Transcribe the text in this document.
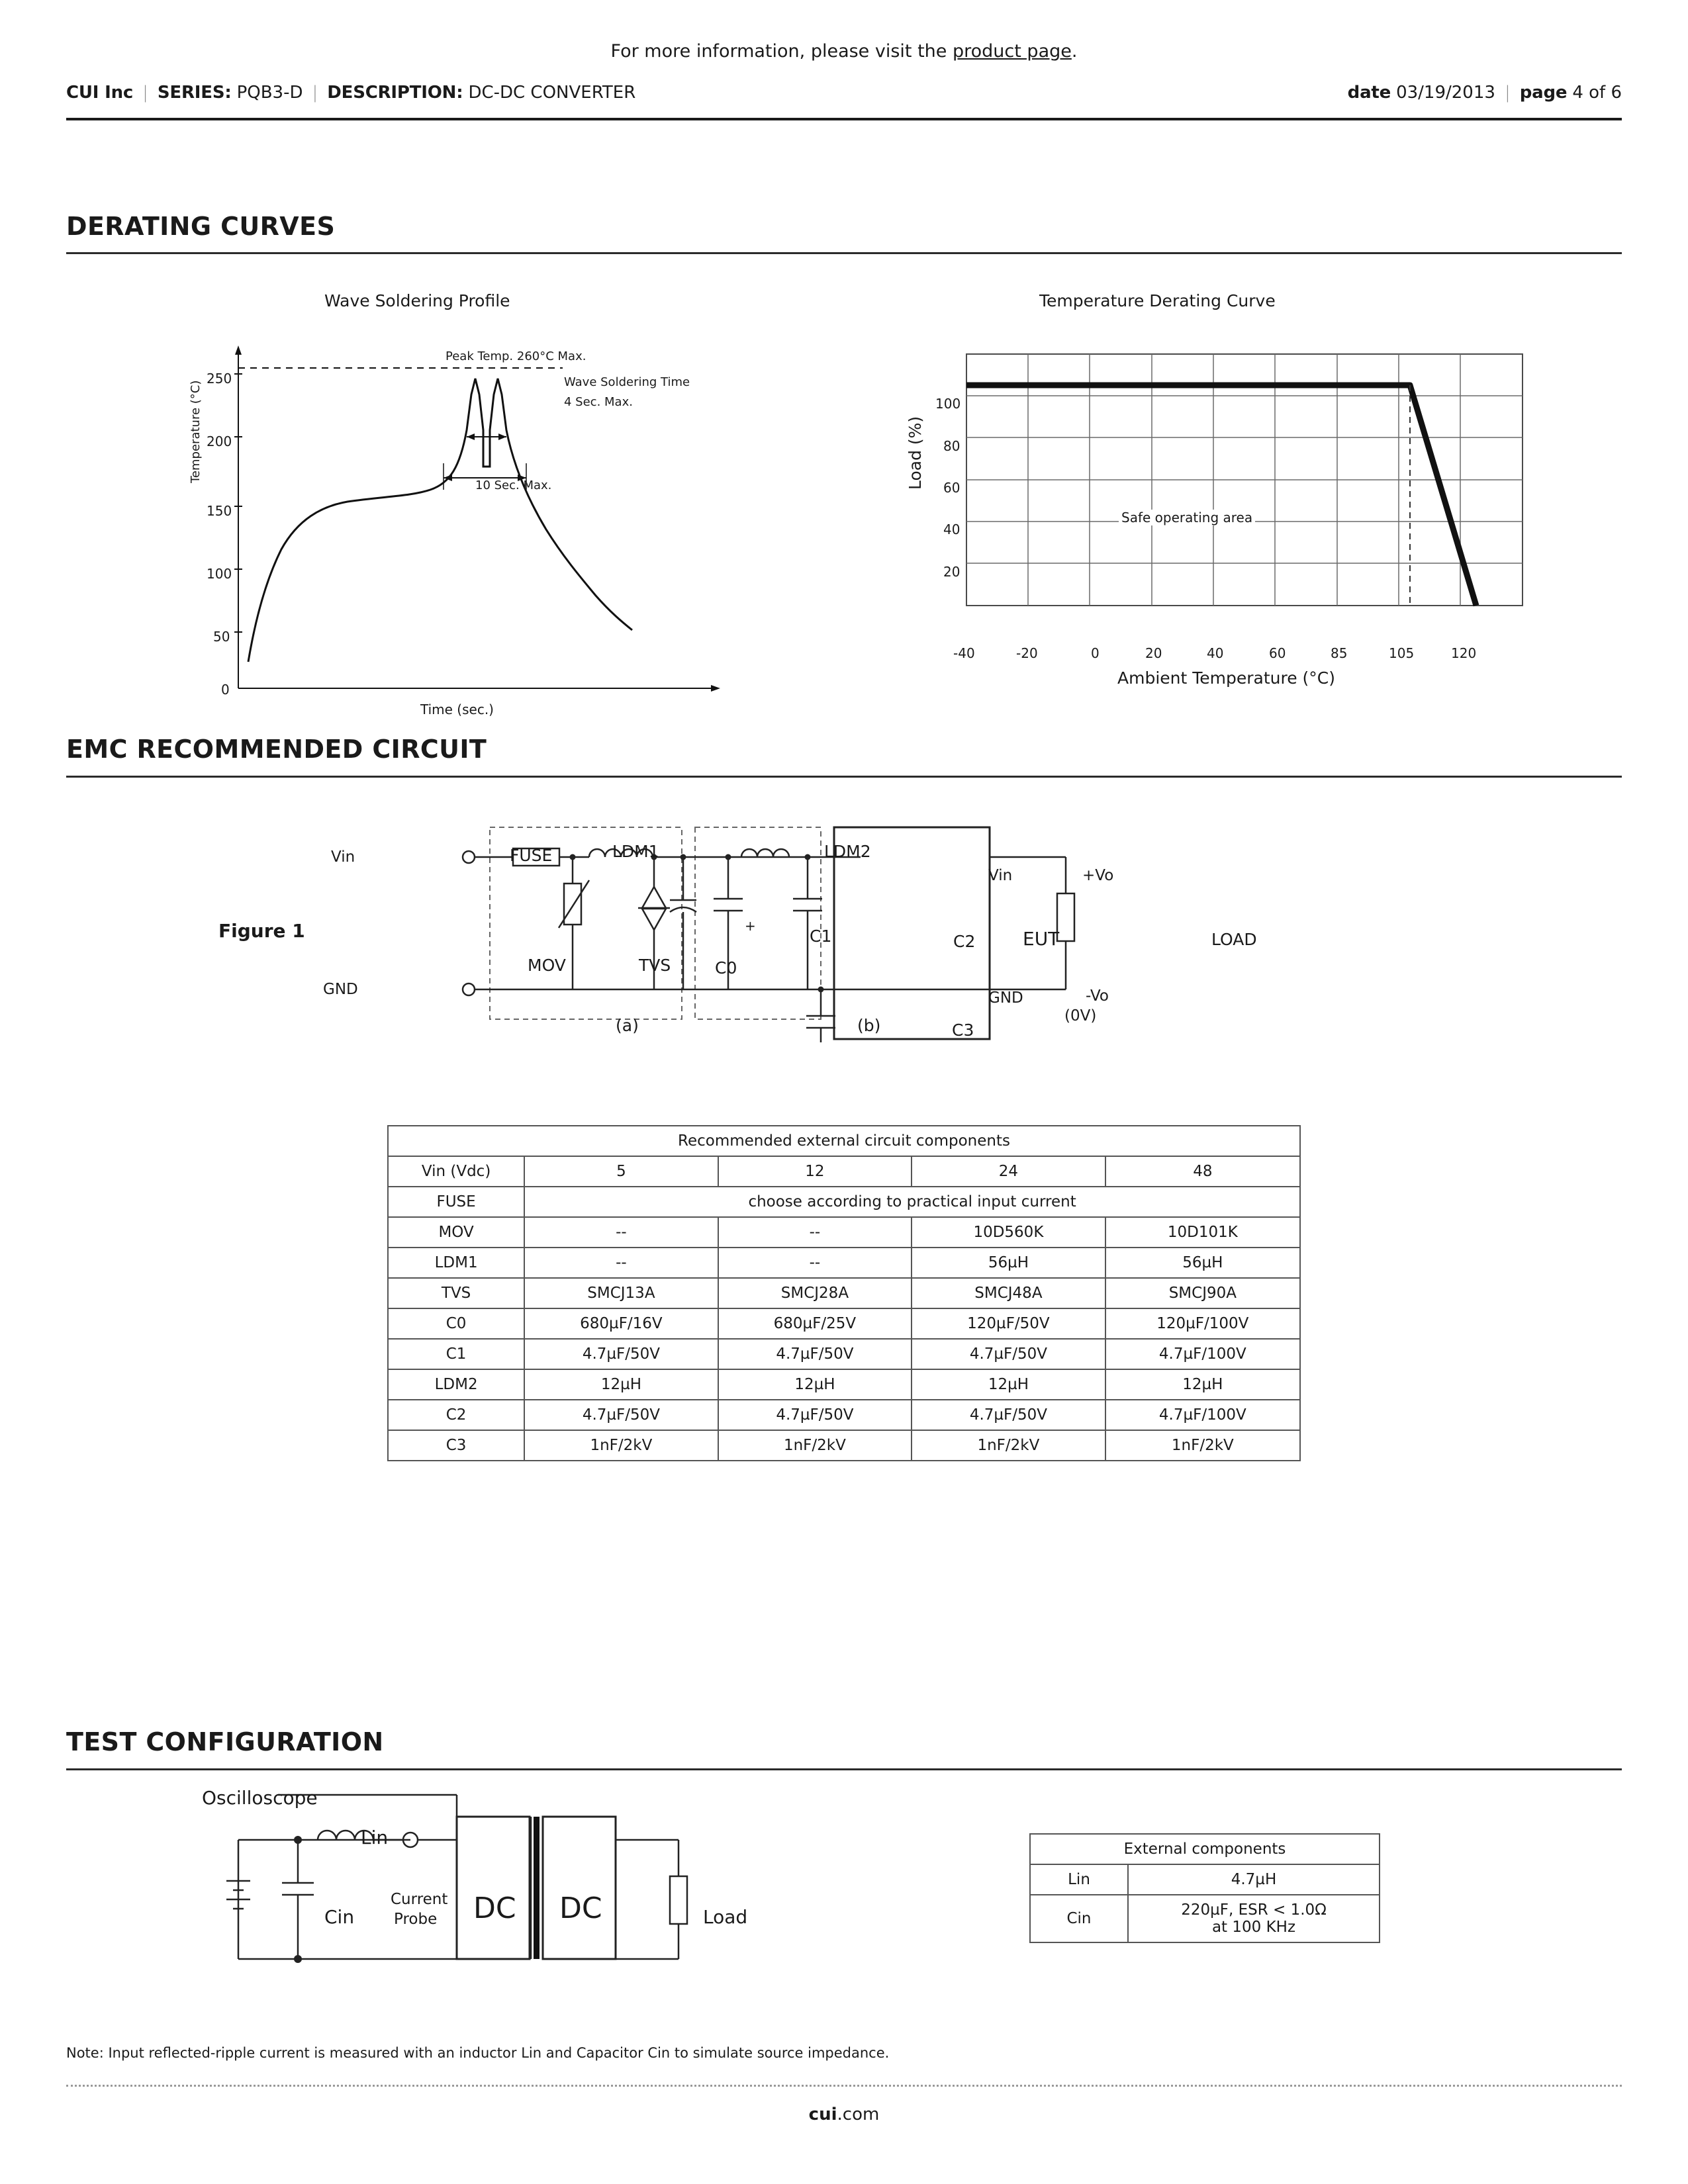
For more information, please visit the product page.
CUI Inc | SERIES: PQB3-D | DESCRIPTION: DC-DC CONVERTER	date 03/19/2013 | page 4 of 6
DERATING CURVES
Wave Soldering Profile
250
200
150
100
50
0
Temperature (°C)
Time (sec.)
Peak Temp. 260°C Max.
Wave Soldering Time
4 Sec. Max.
10 Sec. Max.
Temperature Derating Curve
100
80
60
40
20
Load (%)
-40	-20	0	20	40	60	85	105	120
Ambient Temperature (°C)
Safe operating area
EMC RECOMMENDED CIRCUIT
Figure 1
Vin
GND
FUSE	LDM1	LDM2
MOV	TVS
+
C0
C1	C2
C3
(a)	(b)
Vin
GND
+Vo
-Vo
(0V)
EUT	LOAD
Recommended external circuit components				
Vin (Vdc)	5	12	24	48
FUSE	choose according to practical input current			
MOV	--	--	10D560K	10D101K
LDM1	--	--	56µH	56µH
TVS	SMCJ13A	SMCJ28A	SMCJ48A	SMCJ90A
C0	680µF/16V	680µF/25V	120µF/50V	120µF/100V
C1	4.7µF/50V	4.7µF/50V	4.7µF/50V	4.7µF/100V
LDM2	12µH	12µH	12µH	12µH
C2	4.7µF/50V	4.7µF/50V	4.7µF/50V	4.7µF/100V
C3	1nF/2kV	1nF/2kV	1nF/2kV	1nF/2kV
TEST CONFIGURATION
Oscilloscope
Lin
Cin
Current
Probe DC DC	Load
External components	
Lin	4.7µH
Cin	220µF, ESR < 1.0Ω
at 100 KHz
Note: Input reflected-ripple current is measured with an inductor Lin and Capacitor Cin to simulate source impedance.
cui.com
